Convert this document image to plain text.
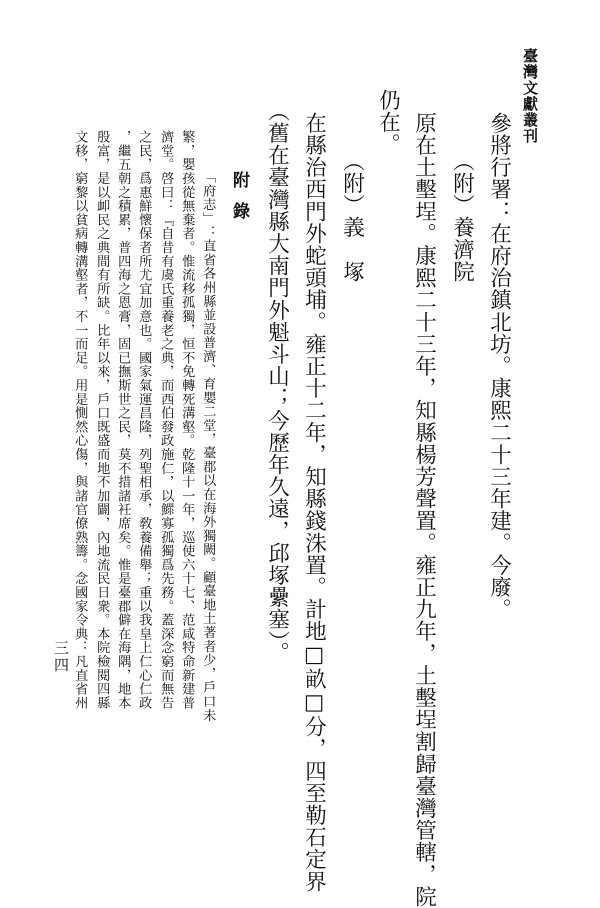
臺灣文獻叢刊
三四
參將行署：在府治鎮北坊。康熙二十三年建。今廢。
（附）養濟院
原在土墼埕。康熙二十三年，知縣楊芳聲置。雍正九年，土墼埕割歸臺灣管轄，院
仍在。
（附）義　塚
在縣治西門外蛇頭埔。雍正十二年，知縣錢洙置。計地□畝□分，四至勒石定界
（舊在臺灣縣大南門外魁斗山；今歷年久遠，邱塚纍塞）。
附錄
「府志」：直省各州縣並設普濟、育嬰二堂，臺郡以在海外獨闕。顧臺地土著者少，戶口未
繁，嬰孩從無棄者。惟流移孤獨，恒不免轉死溝壑。乾隆十一年，巡使六十七、范咸特命新建普
濟堂。啓曰：『自昔有虞氏重養老之典，而西伯發政施仁，以鰥寡孤獨爲先務。蓋深念窮而無告
之民，爲惠鮮懷保者所尤宜加意也。國家氣運昌隆，列聖相承，敎養備舉；重以我皇上仁心仁政
，繼五朝之積累，普四海之恩膏，固已撫斯世之民，莫不措諸衽席矣。惟是臺郡僻在海隅，地本
殷富，是以卹民之典間有所缺。比年以來，戶口既盛而地不加闢，內地流民日衆。本院檢閱四縣
文移，窮黎以貧病轉溝壑者，不一而足。用是惻然心傷，與諸官僚熟籌。念國家令典：凡直省州
